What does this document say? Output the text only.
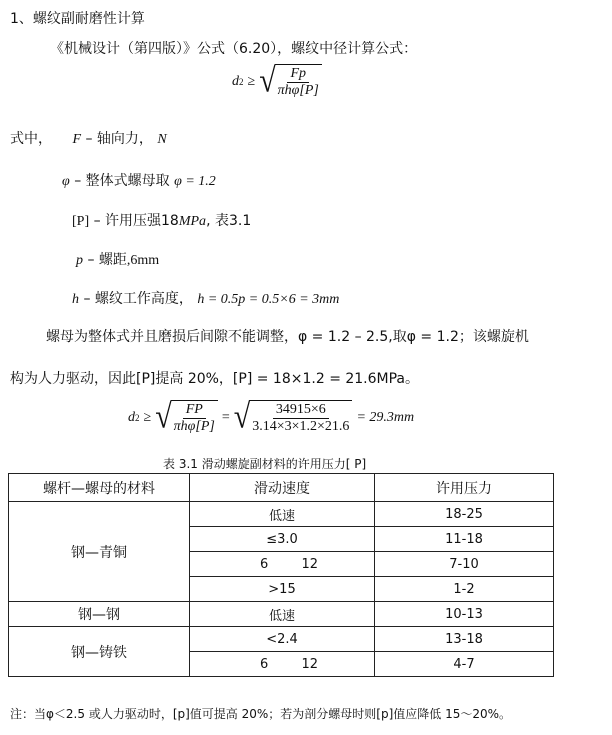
1、螺纹副耐磨性计算
《机械设计（第四版）》公式（6.20），螺纹中径计算公式：
d 2 ≥ √ $\frac{Fp}{\text{πhφ[P]}}$
式中， F – 轴向力， N
φ – 整体式螺母取 φ = 1.2
[P] – 许用压强18MPa, 表3.1
p – 螺距,6mm
h – 螺纹工作高度， h = 0.5p = 0.5×6 = 3mm
螺母为整体式并且磨损后间隙不能调整，φ = 1.2 – 2.5,取φ = 1.2；该螺旋机
构为人力驱动，因此[P]提高 20%，[P] = 18×1.2 = 21.6MPa。
d 2 ≥ √ $\frac{FP}{\text{πhφ[P]}}$ = √ $\frac{34915\times 6}{3.14\times 3\times 1.2\times 21.6} = 29.3mm$
表 3.1 滑动螺旋副材料的许用压力[ P]
螺杆—螺母的材料	滑动速度	许用压力
钢—青铜	低速	18-25
	≤3.0	11-18

	6 12	7-10
	>15	1-2
钢—钢	低速	10-13
钢—铸铁	<2.4	13-18

	6 12	4-7
注：当φ＜2.5 或人力驱动时，[p]值可提高 20%；若为剖分螺母时则[p]值应降低 15～20%。
